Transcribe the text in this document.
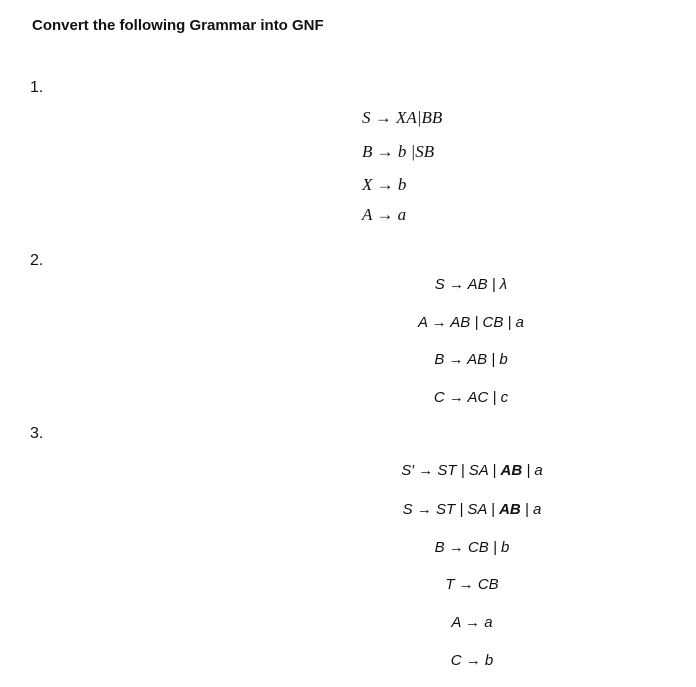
Convert the following Grammar into GNF
1.
S → XA|BB
B → b |SB
X → b
A → a
2.
S → AB | λ
A → AB | CB | a
B → AB | b
C → AC | c
3.
S′ → ST | SA | AB | a
S → ST | SA | AB | a
B → CB | b
T → CB
A → a
C → b
